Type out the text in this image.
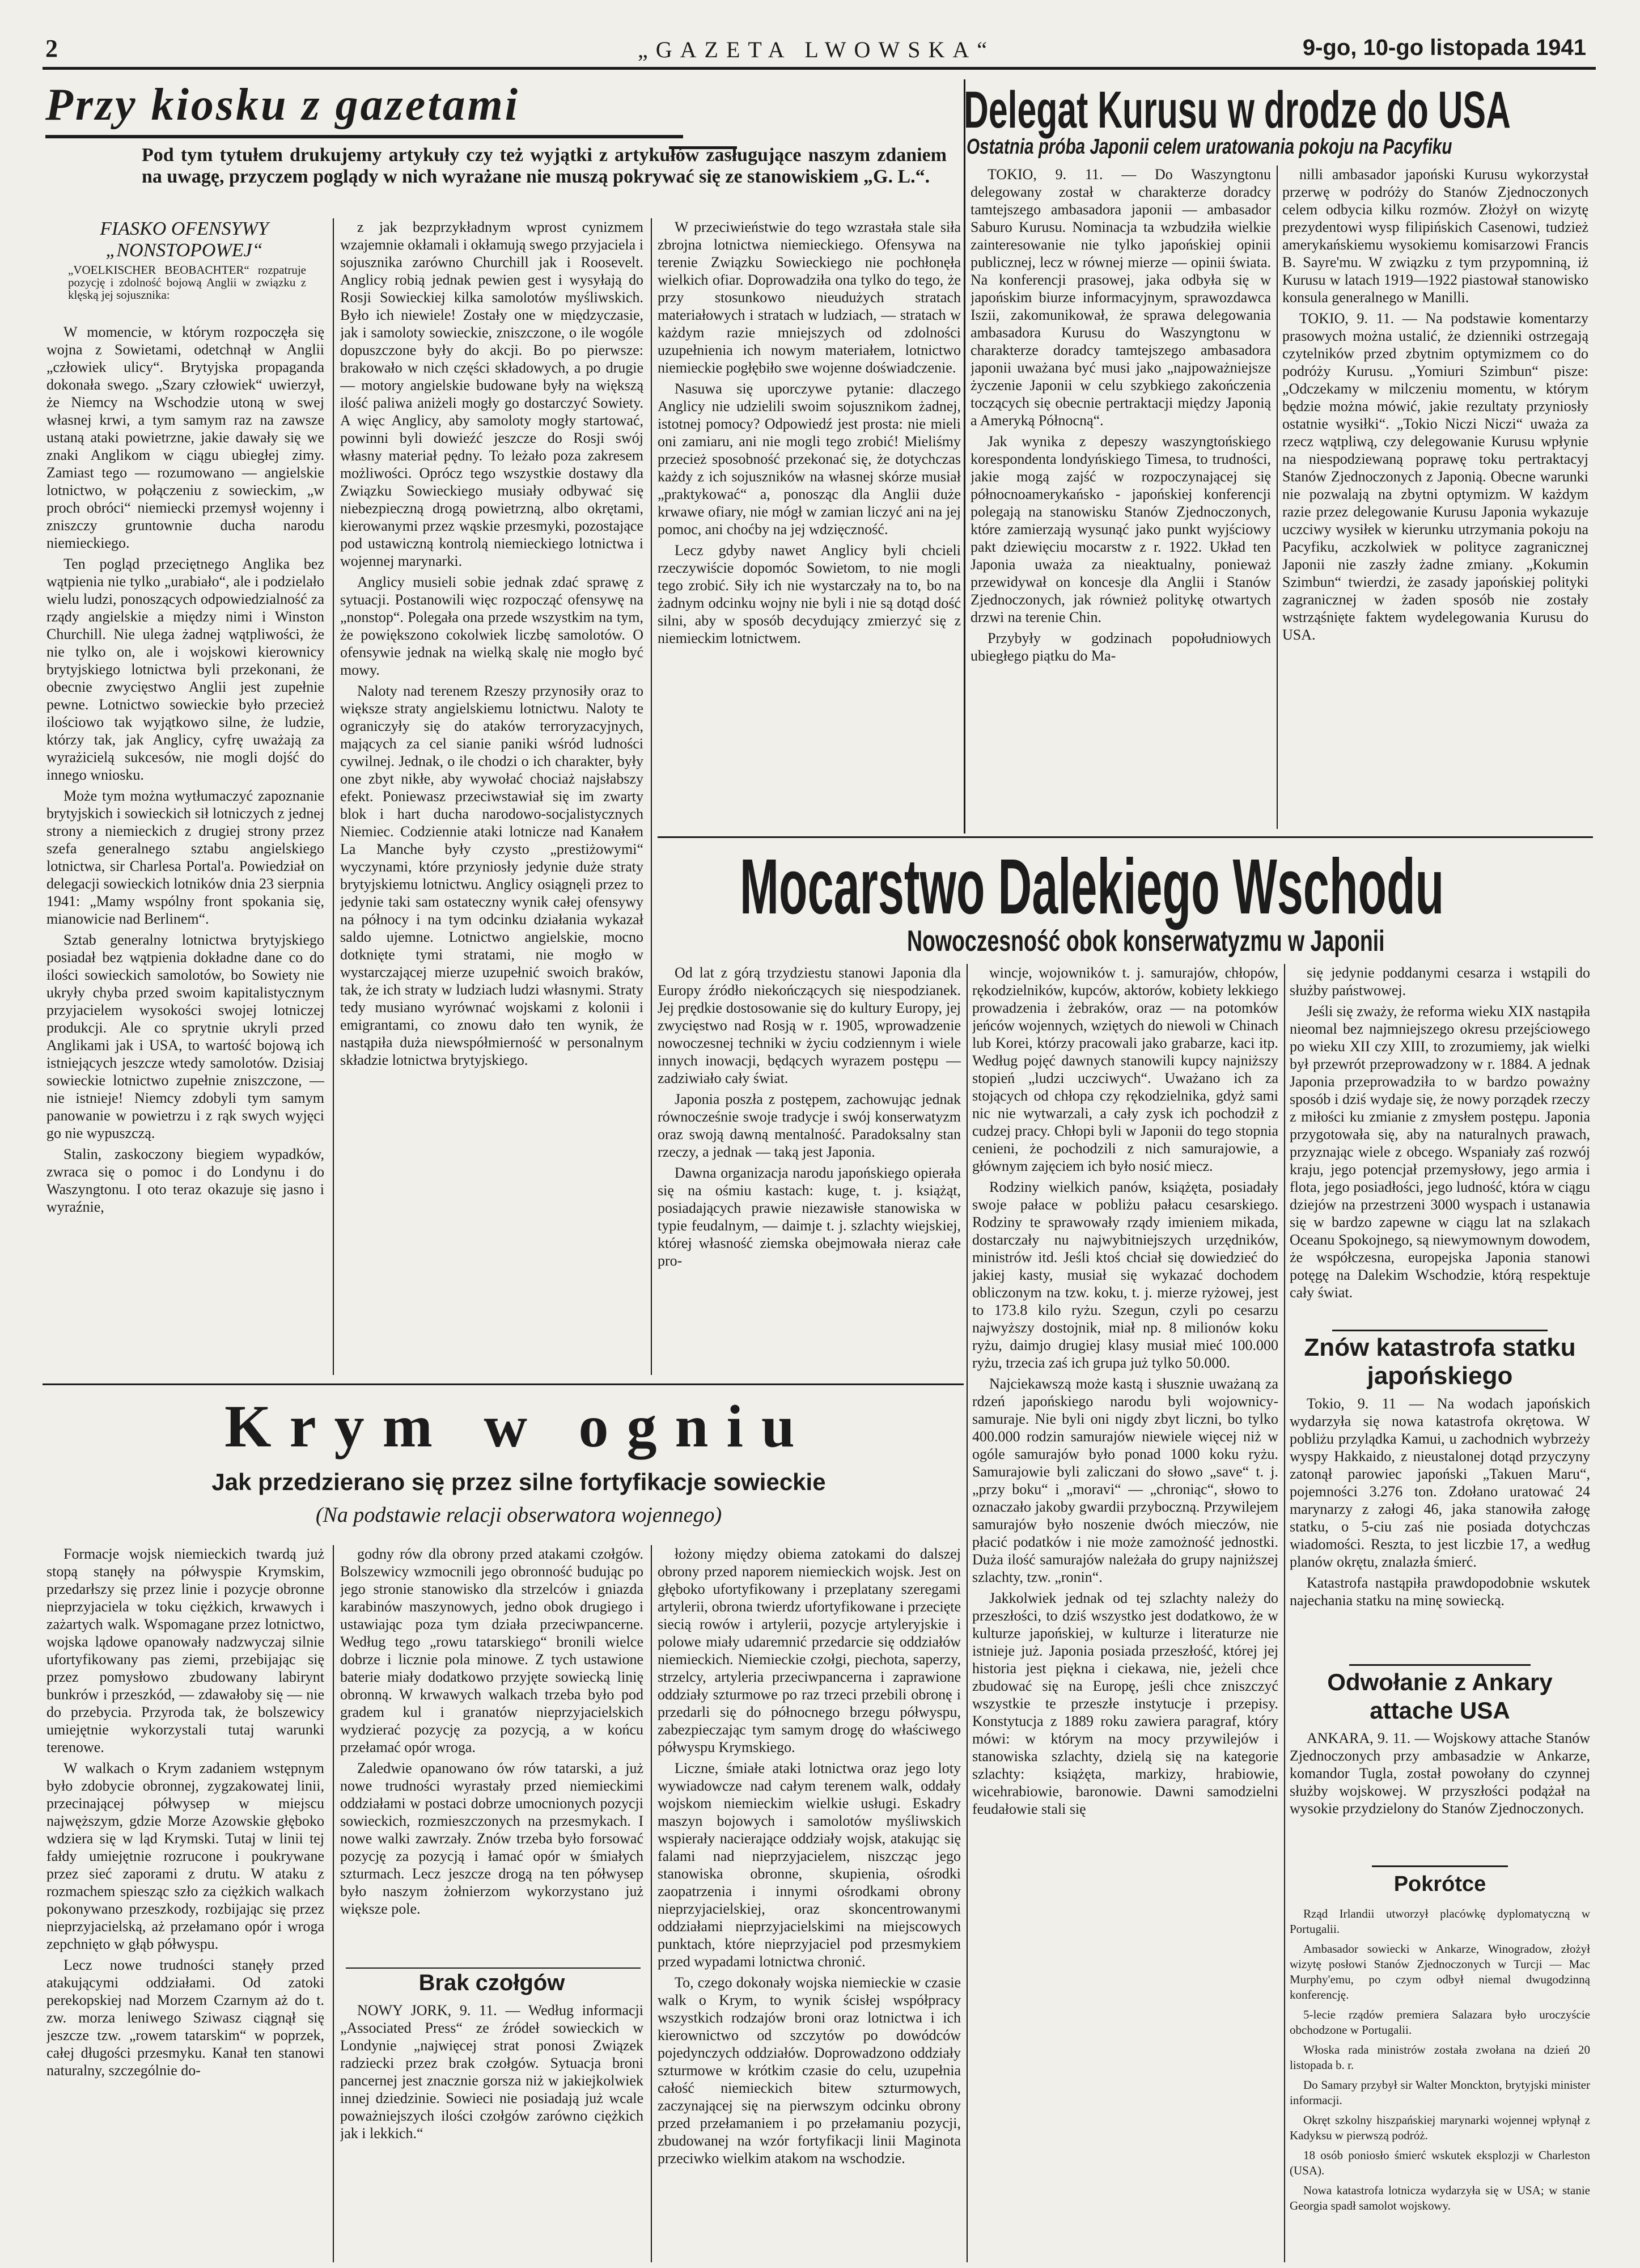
2	„GAZETA LWOWSKA“	9-go, 10-go listopada 1941
Przy kiosku z gazetami
Pod tym tytułem drukujemy artykuły czy też wyjątki z artykułów zasługujące naszym zdaniem na uwagę, przyczem poglądy w nich wyrażane nie muszą pokrywać się ze stanowiskiem „G. L.“.
FIASKO OFENSYWY „NONSTOPOWEJ“
„VOELKISCHER BEOBACHTER“ rozpatruje pozycję i zdolność bojową Anglii w związku z klęską jej sojusznika:

W momencie, w którym rozpoczęła się wojna z Sowietami, odetchnął w Anglii „człowiek ulicy“. Brytyjska propaganda dokonała swego. „Szary człowiek“ uwierzył, że Niemcy na Wschodzie utoną w swej własnej krwi, a tym samym raz na zawsze ustaną ataki powietrzne, jakie dawały się we znaki Anglikom w ciągu ubiegłej zimy. Zamiast tego — rozumowano — angielskie lotnictwo, w połączeniu z sowieckim, „w proch obróci“ niemiecki przemysł wojenny i zniszczy gruntownie ducha narodu niemieckiego.

Ten pogląd przeciętnego Anglika bez wątpienia nie tylko „urabiało“, ale i podzielało wielu ludzi, ponoszących odpowiedzialność za rządy angielskie a między nimi i Winston Churchill. Nie ulega żadnej wątpliwości, że nie tylko on, ale i wojskowi kierownicy brytyjskiego lotnictwa byli przekonani, że obecnie zwycięstwo Anglii jest zupełnie pewne. Lotnictwo sowieckie było przecież ilościowo tak wyjątkowo silne, że ludzie, którzy tak, jak Anglicy, cyfrę uważają za wyrażicielą sukcesów, nie mogli dojść do innego wniosku.

Może tym można wytłumaczyć zapoznanie brytyjskich i sowieckich sił lotniczych z jednej strony a niemieckich z drugiej strony przez szefa generalnego sztabu angielskiego lotnictwa, sir Charlesa Portal'a. Powiedział on delegacji sowieckich lotników dnia 23 sierpnia 1941: „Mamy wspólny front spokania się, mianowicie nad Berlinem“.

Sztab generalny lotnictwa brytyjskiego posiadał bez wątpienia dokładne dane co do ilości sowieckich samolotów, bo Sowiety nie ukryły chyba przed swoim kapitalistycznym przyjacielem wysokości swojej lotniczej produkcji. Ale co sprytnie ukryli przed Anglikami jak i USA, to wartość bojową ich istniejących jeszcze wtedy samolotów. Dzisiaj sowieckie lotnictwo zupełnie zniszczone, — nie istnieje! Niemcy zdobyli tym samym panowanie w powietrzu i z rąk swych wyjęci go nie wypuszczą.

Stalin, zaskoczony biegiem wypadków, zwraca się o pomoc i do Londynu i do Waszyngtonu. I oto teraz okazuje się jasno i wyraźnie,

z jak bezprzykładnym wprost cynizmem wzajemnie okłamali i okłamują swego przyjaciela i sojusznika zarówno Churchill jak i Roosevelt. Anglicy robią jednak pewien gest i wysyłają do Rosji Sowieckiej kilka samolotów myśliwskich. Było ich niewiele! Zostały one w międzyczasie, jak i samoloty sowieckie, zniszczone, o ile wogóle dopuszczone były do akcji. Bo po pierwsze: brakowało w nich części składowych, a po drugie — motory angielskie budowane były na większą ilość paliwa aniżeli mogły go dostarczyć Sowiety. A więc Anglicy, aby samoloty mogły startować, powinni byli dowieźć jeszcze do Rosji swój własny materiał pędny. To leżało poza zakresem możliwości. Oprócz tego wszystkie dostawy dla Związku Sowieckiego musiały odbywać się niebezpieczną drogą powietrzną, albo okrętami, kierowanymi przez wąskie przesmyki, pozostające pod ustawiczną kontrolą niemieckiego lotnictwa i wojennej marynarki.

Anglicy musieli sobie jednak zdać sprawę z sytuacji. Postanowili więc rozpocząć ofensywę na „nonstop“. Polegała ona przede wszystkim na tym, że powiększono cokolwiek liczbę samolotów. O ofensywie jednak na wielką skalę nie mogło być mowy.

Naloty nad terenem Rzeszy przynosiły oraz to większe straty angielskiemu lotnictwu. Naloty te ograniczyły się do ataków terroryzacyjnych, mających za cel sianie paniki wśród ludności cywilnej. Jednak, o ile chodzi o ich charakter, były one zbyt nikłe, aby wywołać chociaż najsłabszy efekt. Poniewasz przeciwstawiał się im zwarty blok i hart ducha narodowo-socjalistycznych Niemiec. Codziennie ataki lotnicze nad Kanałem La Manche były czysto „prestiżowymi“ wyczynami, które przyniosły jedynie duże straty brytyjskiemu lotnictwu. Anglicy osiągnęli przez to jedynie taki sam ostateczny wynik całej ofensywy na północy i na tym odcinku działania wykazał saldo ujemne. Lotnictwo angielskie, mocno dotknięte tymi stratami, nie mogło w wystarczającej mierze uzupełnić swoich braków, tak, że ich straty w ludziach ludzi własnymi. Straty tedy musiano wyrównać wojskami z kolonii i emigrantami, co znowu dało ten wynik, że nastąpiła duża niewspółmierność w personalnym składzie lotnictwa brytyjskiego.

W przeciwieństwie do tego wzrastała stale siła zbrojna lotnictwa niemieckiego. Ofensywa na terenie Związku Sowieckiego nie pochłonęła wielkich ofiar. Doprowadziła ona tylko do tego, że przy stosunkowo nieudużych stratach materiałowych i stratach w ludziach, — stratach w każdym razie mniejszych od zdolności uzupełnienia ich nowym materiałem, lotnictwo niemieckie pogłębiło swe wojenne doświadczenie.

Nasuwa się uporczywe pytanie: dlaczego Anglicy nie udzielili swoim sojusznikom żadnej, istotnej pomocy? Odpowiedź jest prosta: nie mieli oni zamiaru, ani nie mogli tego zrobić! Mieliśmy przecież sposobność przekonać się, że dotychczas każdy z ich sojuszników na własnej skórze musiał „praktykować“ a, ponosząc dla Anglii duże krwawe ofiary, nie mógł w zamian liczyć ani na jej pomoc, ani choćby na jej wdzięczność.

Lecz gdyby nawet Anglicy byli chcieli rzeczywiście dopomóc Sowietom, to nie mogli tego zrobić. Siły ich nie wystarczały na to, bo na żadnym odcinku wojny nie byli i nie są dotąd dość silni, aby w sposób decydujący zmierzyć się z niemieckim lotnictwem.

Delegat Kurusu w drodze do USA
Ostatnia próba Japonii celem uratowania pokoju na Pacyfiku

TOKIO, 9. 11. — Do Waszyngtonu delegowany został w charakterze doradcy tamtejszego ambasadora japonii — ambasador Saburo Kurusu. Nominacja ta wzbudziła wielkie zainteresowanie nie tylko japońskiej opinii publicznej, lecz w równej mierze — opinii świata. Na konferencji prasowej, jaka odbyła się w japońskim biurze informacyjnym, sprawozdawca Iszii, zakomunikował, że sprawa delegowania ambasadora Kurusu do Waszyngtonu w charakterze doradcy tamtejszego ambasadora japonii uważana być musi jako „najpoważniejsze życzenie Japonii w celu szybkiego zakończenia toczących się obecnie pertraktacji między Japonią a Ameryką Północną“.

Jak wynika z depeszy waszyngtońskiego korespondenta londyńskiego Timesa, to trudności, jakie mogą zajść w rozpoczynającej się północnoamerykańsko - japońskiej konferencji polegają na stanowisku Stanów Zjednoczonych, które zamierzają wysunąć jako punkt wyjściowy pakt dziewięciu mocarstw z r. 1922. Układ ten Japonia uważa za nieaktualny, ponieważ przewidywał on koncesje dla Anglii i Stanów Zjednoczonych, jak również politykę otwartych drzwi na terenie Chin.

Przybyły w godzinach popołudniowych ubiegłego piątku do Ma-

nilli ambasador japoński Kurusu wykorzystał przerwę w podróży do Stanów Zjednoczonych celem odbycia kilku rozmów. Złożył on wizytę prezydentowi wysp filipińskich Casenowi, tudzież amerykańskiemu wysokiemu komisarzowi Francis B. Sayre'mu. W związku z tym przypomniną, iż Kurusu w latach 1919—1922 piastował stanowisko konsula generalnego w Manilli.

TOKIO, 9. 11. — Na podstawie komentarzy prasowych można ustalić, że dzienniki ostrzegają czytelników przed zbytnim optymizmem co do podróży Kurusu. „Yomiuri Szimbun“ pisze: „Odczekamy w milczeniu momentu, w którym będzie można mówić, jakie rezultaty przyniosły ostatnie wysiłki“. „Tokio Niczi Niczi“ uważa za rzecz wątpliwą, czy delegowanie Kurusu wpłynie na niespodziewaną poprawę toku pertraktacyj Stanów Zjednoczonych z Japonią. Obecne warunki nie pozwalają na zbytni optymizm. W każdym razie przez delegowanie Kurusu Japonia wykazuje uczciwy wysiłek w kierunku utrzymania pokoju na Pacyfiku, aczkolwiek w polityce zagranicznej Japonii nie zaszły żadne zmiany. „Kokumin Szimbun“ twierdzi, że zasady japońskiej polityki zagranicznej w żaden sposób nie zostały wstrząśnięte faktem wydelegowania Kurusu do USA.

Mocarstwo Dalekiego Wschodu
Nowoczesność obok konserwatyzmu w Japonii

Od lat z górą trzydziestu stanowi Japonia dla Europy źródło niekończących się niespodzianek. Jej prędkie dostosowanie się do kultury Europy, jej zwycięstwo nad Rosją w r. 1905, wprowadzenie nowoczesnej techniki w życiu codziennym i wiele innych inowacji, będących wyrazem postępu — zadziwiało cały świat.

Japonia poszła z postępem, zachowując jednak równocześnie swoje tradycje i swój konserwatyzm oraz swoją dawną mentalność. Paradoksalny stan rzeczy, a jednak — taką jest Japonia.

Dawna organizacja narodu japońskiego opierała się na ośmiu kastach: kuge, t. j. książąt, posiadających prawie niezawisłe stanowiska w typie feudalnym, — daimje t. j. szlachty wiejskiej, której własność ziemska obejmowała nieraz całe pro-

wincje, wojowników t. j. samurajów, chłopów, rękodzielników, kupców, aktorów, kobiety lekkiego prowadzenia i żebraków, oraz — na potomków jeńców wojennych, wziętych do niewoli w Chinach lub Korei, którzy pracowali jako grabarze, kaci itp. Według pojęć dawnych stanowili kupcy najniższy stopień „ludzi uczciwych“. Uważano ich za stojących od chłopa czy rękodzielnika, gdyż sami nic nie wytwarzali, a cały zysk ich pochodził z cudzej pracy. Chłopi byli w Japonii do tego stopnia cenieni, że pochodzili z nich samurajowie, a głównym zajęciem ich było nosić miecz.

Rodziny wielkich panów, książęta, posiadały swoje pałace w pobliżu pałacu cesarskiego. Rodziny te sprawowały rządy imieniem mikada, dostarczały nu najwybitniejszych urzędników, ministrów itd. Jeśli ktoś chciał się dowiedzieć do jakiej kasty, musiał się wykazać dochodem obliczonym na tzw. koku, t. j. mierze ryżowej, jest to 173.8 kilo ryżu. Szegun, czyli po cesarzu najwyższy dostojnik, miał np. 8 milionów koku ryżu, daimjo drugiej klasy musiał mieć 100.000 ryżu, trzecia zaś ich grupa już tylko 50.000.

Najciekawszą może kastą i słusznie uważaną za rdzeń japońskiego narodu byli wojownicy-samuraje. Nie byli oni nigdy zbyt liczni, bo tylko 400.000 rodzin samurajów niewiele więcej niż w ogóle samurajów było ponad 1000 koku ryżu. Samurajowie byli zaliczani do słowo „save“ t. j. „przy boku“ i „moravi“ — „chroniąc“, słowo to oznaczało jakoby gwardii przyboczną. Przywilejem samurajów było noszenie dwóch mieczów, nie płacić podatków i nie może zamożność jednostki. Duża ilość samurajów należała do grupy najniższej szlachty, tzw. „ronin“.

Jakkolwiek jednak od tej szlachty należy do przeszłości, to dziś wszystko jest dodatkowo, że w kulturze japońskiej, w kulturze i literaturze nie istnieje już. Japonia posiada przeszłość, której jej historia jest piękna i ciekawa, nie, jeżeli chce zbudować się na Europę, jeśli chce zniszczyć wszystkie te przeszłe instytucje i przepisy. Konstytucja z 1889 roku zawiera paragraf, który mówi: w którym na mocy przywilejów i stanowiska szlachty, dzielą się na kategorie szlachty: książęta, markizy, hrabiowie, wicehrabiowie, baronowie. Dawni samodzielni feudałowie stali się

się jedynie poddanymi cesarza i wstąpili do służby państwowej.

Jeśli się zważy, że reforma wieku XIX nastąpiła nieomal bez najmniejszego okresu przejściowego po wieku XII czy XIII, to zrozumiemy, jak wielki był przewrót przeprowadzony w r. 1884. A jednak Japonia przeprowadziła to w bardzo poważny sposób i dziś wydaje się, że nowy porządek rzeczy z miłości ku zmianie z zmysłem postępu. Japonia przygotowała się, aby na naturalnych prawach, przyznając wiele z obcego. Wspaniały zaś rozwój kraju, jego potencjał przemysłowy, jego armia i flota, jego posiadłości, jego ludność, która w ciągu dziejów na przestrzeni 3000 wyspach i ustanawia się w bardzo zapewne w ciągu lat na szlakach Oceanu Spokojnego, są niewymownym dowodem, że współczesna, europejska Japonia stanowi potęgę na Dalekim Wschodzie, którą respektuje cały świat.

Znów katastrofa statku japońskiego

Tokio, 9. 11 — Na wodach japońskich wydarzyła się nowa katastrofa okrętowa. W pobliżu przylądka Kamui, u zachodnich wybrzeży wyspy Hakkaido, z nieustalonej dotąd przyczyny zatonął parowiec japoński „Takuen Maru“, pojemności 3.276 ton. Zdołano uratować 24 marynarzy z załogi 46, jaka stanowiła załogę statku, o 5-ciu zaś nie posiada dotychczas wiadomości. Reszta, to jest liczbie 17, a według planów okrętu, znalazła śmierć.

Katastrofa nastąpiła prawdopodobnie wskutek najechania statku na minę sowiecką.

Odwołanie z Ankary attache USA

ANKARA, 9. 11. — Wojskowy attache Stanów Zjednoczonych przy ambasadzie w Ankarze, komandor Tugla, został powołany do czynnej służby wojskowej. W przyszłości podążał na wysokie przydzielony do Stanów Zjednoczonych.

Pokrótce
Rząd Irlandii utworzył placówkę dyplomatyczną w Portugalii.
Ambasador sowiecki w Ankarze, Winogradow, złożył wizytę posłowi Stanów Zjednoczonych w Turcji — Mac Murphy'emu, po czym odbył niemal dwugodzinną konferencję.
5-lecie rządów premiera Salazara było uroczyście obchodzone w Portugalii.
Włoska rada ministrów została zwołana na dzień 20 listopada b. r.
Do Samary przybył sir Walter Monckton, brytyjski minister informacji.
Okręt szkolny hiszpańskiej marynarki wojennej wpłynął z Kadyksu w pierwszą podróż.
18 osób poniosło śmierć wskutek eksplozji w Charleston (USA).
Nowa katastrofa lotnicza wydarzyła się w USA; w stanie Georgia spadł samolot wojskowy.
Krym w ogniu
Jak przedzierano się przez silne fortyfikacje sowieckie
(Na podstawie relacji obserwatora wojennego)

Formacje wojsk niemieckich twardą już stopą stanęły na półwyspie Krymskim, przedarłszy się przez linie i pozycje obronne nieprzyjaciela w toku ciężkich, krwawych i zażartych walk. Wspomagane przez lotnictwo, wojska lądowe opanowały nadzwyczaj silnie ufortyfikowany pas ziemi, przebijając się przez pomysłowo zbudowany labirynt bunkrów i przeszkód, — zdawałoby się — nie do przebycia. Przyroda tak, że bolszewicy umiejętnie wykorzystali tutaj warunki terenowe.

W walkach o Krym zadaniem wstępnym było zdobycie obronnej, zygzakowatej linii, przecinającej półwysep w miejscu najwęższym, gdzie Morze Azowskie głęboko wdziera się w ląd Krymski. Tutaj w linii tej fałdy umiejętnie rozrucone i poukrywane przez sieć zaporami z drutu. W ataku z rozmachem spiesząc szło za ciężkich walkach pokonywano przeszkody, rozbijając się przez nieprzyjacielską, aż przełamano opór i wroga zepchnięto w głąb półwyspu.

Lecz nowe trudności stanęły przed atakującymi oddziałami. Od zatoki perekopskiej nad Morzem Czarnym aż do t. zw. morza leniwego Sziwasz ciągnął się jeszcze tzw. „rowem tatarskim“ w poprzek, całej długości przesmyku. Kanał ten stanowi naturalny, szczególnie do-

godny rów dla obrony przed atakami czołgów. Bolszewicy wzmocnili jego obronność budując po jego stronie stanowisko dla strzelców i gniazda karabinów maszynowych, jedno obok drugiego i ustawiając poza tym działa przeciwpancerne. Według tego „rowu tatarskiego“ bronili wielce dobrze i licznie pola minowe. Z tych ustawione baterie miały dodatkowo przyjęte sowiecką linię obronną. W krwawych walkach trzeba było pod gradem kul i granatów nieprzyjacielskich wydzierać pozycję za pozycją, a w końcu przełamać opór wroga.

Zaledwie opanowano ów rów tatarski, a już nowe trudności wyrastały przed niemieckimi oddziałami w postaci dobrze umocnionych pozycji sowieckich, rozmieszczonych na przesmykach. I nowe walki zawrzały. Znów trzeba było forsować pozycję za pozycją i łamać opór w śmiałych szturmach. Lecz jeszcze drogą na ten półwysep było naszym żołnierzom wykorzystano już większe pole.

Brak czołgów

NOWY JORK, 9. 11. — Według informacji „Associated Press“ ze źródeł sowieckich w Londynie „najwięcej strat ponosi Związek radziecki przez brak czołgów. Sytuacja broni pancernej jest znacznie gorsza niż w jakiejkolwiek innej dziedzinie. Sowieci nie posiadają już wcale poważniejszych ilości czołgów zarówno ciężkich jak i lekkich.“

łożony między obiema zatokami do dalszej obrony przed naporem niemieckich wojsk. Jest on głęboko ufortyfikowany i przeplatany szeregami artylerii, obrona twierdz ufortyfikowane i przecięte siecią rowów i artylerii, pozycje artyleryjskie i polowe miały udaremnić przedarcie się oddziałów niemieckich. Niemieckie czołgi, piechota, saperzy, strzelcy, artyleria przeciwpancerna i zaprawione oddziały szturmowe po raz trzeci przebili obronę i przedarli się do północnego brzegu półwyspu, zabezpieczając tym samym drogę do właściwego półwyspu Krymskiego.

Liczne, śmiałe ataki lotnictwa oraz jego loty wywiadowcze nad całym terenem walk, oddały wojskom niemieckim wielkie usługi. Eskadry maszyn bojowych i samolotów myśliwskich wspierały nacierające oddziały wojsk, atakując się falami nad nieprzyjacielem, niszcząc jego stanowiska obronne, skupienia, ośrodki zaopatrzenia i innymi ośrodkami obrony nieprzyjacielskiej, oraz skoncentrowanymi oddziałami nieprzyjacielskimi na miejscowych punktach, które nieprzyjaciel pod przesmykiem przed wypadami lotnictwa chronić.

To, czego dokonały wojska niemieckie w czasie walk o Krym, to wynik ścisłej współpracy wszystkich rodzajów broni oraz lotnictwa i ich kierownictwo od szczytów po dowódców pojedynczych oddziałów. Doprowadzono oddziały szturmowe w krótkim czasie do celu, uzupełnia całość niemieckich bitew szturmowych, zaczynającej się na pierwszym odcinku obrony przed przełamaniem i po przełamaniu pozycji, zbudowanej na wzór fortyfikacji linii Maginota przeciwko wielkim atakom na wschodzie.
